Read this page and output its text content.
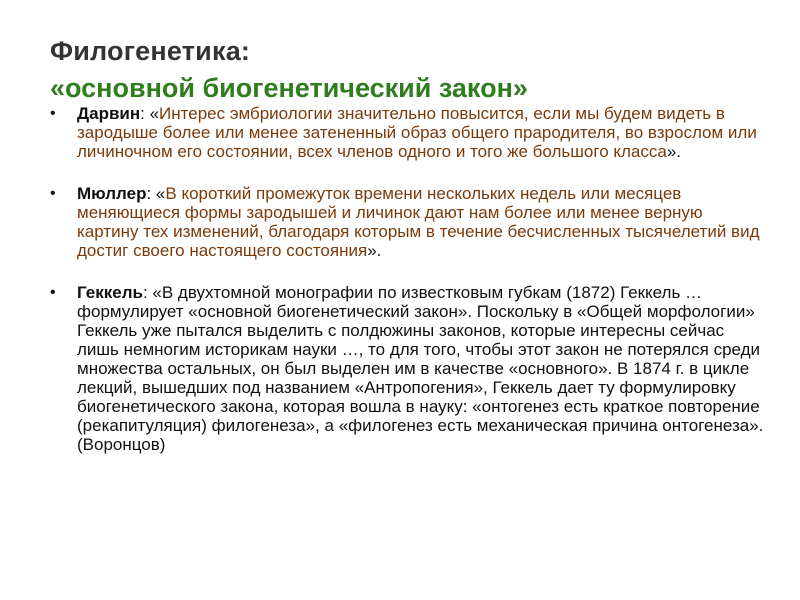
Филогенетика:
«основной биогенетический закон»
• Дарвин: «Интерес эмбриологии значительно повысится, если мы будем видеть в зародыше более или менее затененный образ общего прародителя, во взрослом или личиночном его состоянии, всех членов одного и того же большого класса».
• Мюллер: «В короткий промежуток времени нескольких недель или месяцев меняющиеся формы зародышей и личинок дают нам более или менее верную картину тех изменений, благодаря которым в течение бесчисленных тысячелетий вид достиг своего настоящего состояния».
• Геккель: «В двухтомной монографии по известковым губкам (1872) Геккель …формулирует «основной биогенетический закон». Поскольку в «Общей морфологии» Геккель уже пытался выделить с полдюжины законов, которые интересны сейчас лишь немногим историкам науки …, то для того, чтобы этот закон не потерялся среди множества остальных, он был выделен им в качестве «основного». В 1874 г. в цикле лекций, вышедших под названием «Антропогения», Геккель дает ту формулировку биогенетического закона, которая вошла в науку: «онтогенез есть краткое повторение (рекапитуляция) филогенеза», а «филогенез есть механическая причина онтогенеза». (Воронцов)
